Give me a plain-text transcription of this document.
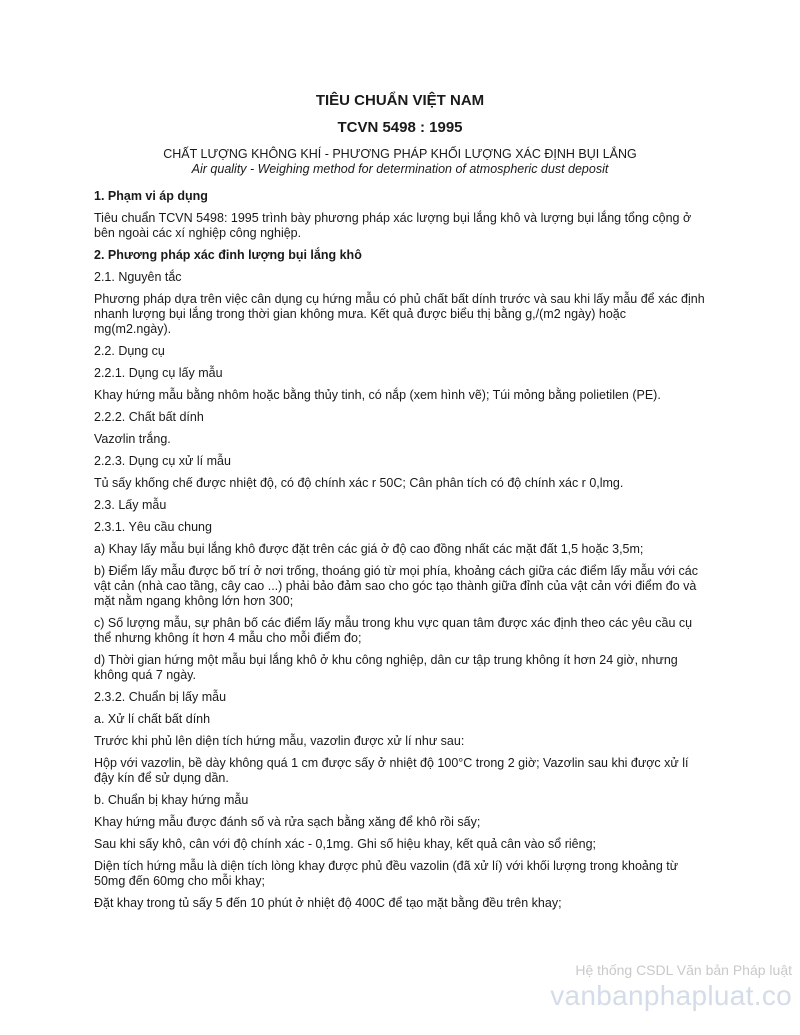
TIÊU CHUẨN VIỆT NAM

TCVN 5498 : 1995

CHẤT LƯỢNG KHÔNG KHÍ - PHƯƠNG PHÁP KHỐI LƯỢNG XÁC ĐỊNH BỤI LẮNG

Air quality - Weighing method for determination of atmospheric dust deposit

1. Phạm vi áp dụng

Tiêu chuẩn TCVN 5498: 1995 trình bày phương pháp xác lượng bụi lắng khô và lượng bụi lắng tổng cộng ở bên ngoài các xí nghiệp công nghiệp.

2. Phương pháp xác đinh lượng bụi lắng khô

2.1. Nguyên tắc

Phương pháp dựa trên việc cân dụng cụ hứng mẫu có phủ chất bất dính trước và sau khi lấy mẫu để xác định nhanh lượng bụi lắng trong thời gian không mưa. Kết quả được biểu thị bằng g,/(m2 ngày) hoặc mg(m2.ngày).

2.2. Dụng cụ

2.2.1. Dụng cụ lấy mẫu

Khay hứng mẫu bằng nhôm hoặc bằng thủy tinh, có nắp (xem hình vẽ); Túi mỏng bằng polietilen (PE).

2.2.2. Chất bất dính

Vazơlin trắng.

2.2.3. Dụng cụ xử lí mẫu

Tủ sấy khống chế được nhiệt độ, có độ chính xác r 50C; Cân phân tích có độ chính xác r 0,lmg.

2.3. Lấy mẫu

2.3.1. Yêu cầu chung

a) Khay lấy mẫu bụi lắng khô được đặt trên các giá ở độ cao đồng nhất các mặt đất 1,5 hoặc 3,5m;

b) Điểm lấy mẫu được bố trí ở nơi trống, thoáng gió từ mọi phía, khoảng cách giữa các điểm lấy mẫu với các vật cản (nhà cao tầng, cây cao ...) phải bảo đảm sao cho góc tạo thành giữa đỉnh của vật cản với điểm đo và mặt nằm ngang không lớn hơn 300;

c) Số lượng mẫu, sự phân bố các điểm lấy mẫu trong khu vực quan tâm được xác định theo các yêu cầu cụ thể nhưng không ít hơn 4 mẫu cho mỗi điểm đo;

d) Thời gian hứng một mẫu bụi lắng khô ở khu công nghiệp, dân cư tập trung không ít hơn 24 giờ, nhưng không quá 7 ngày.

2.3.2. Chuẩn bị lấy mẫu

a. Xử lí chất bất dính

Trước khi phủ lên diện tích hứng mẫu, vazơlin được xử lí như sau:

Hộp với vazơlin, bề dày không quá 1 cm được sấy ở nhiệt độ 100°C trong 2 giờ; Vazơlin sau khi được xử lí đậy kín để sử dụng dần.

b. Chuẩn bị khay hứng mẫu

Khay hứng mẫu được đánh số và rửa sạch bằng xăng để khô rồi sấy;

Sau khi sấy khô, cân với độ chính xác - 0,1mg. Ghi số hiệu khay, kết quả cân vào sổ riêng;

Diện tích hứng mẫu là diện tích lòng khay được phủ đều vazolin (đã xử lí) với khối lượng trong khoảng từ 50mg đến 60mg cho mỗi khay;

Đặt khay trong tủ sấy 5 đến 10 phút ở nhiệt độ 400C để tạo mặt bằng đều trên khay;

Hệ thống CSDL Văn bản Pháp luật
vanbanphapluat.co
